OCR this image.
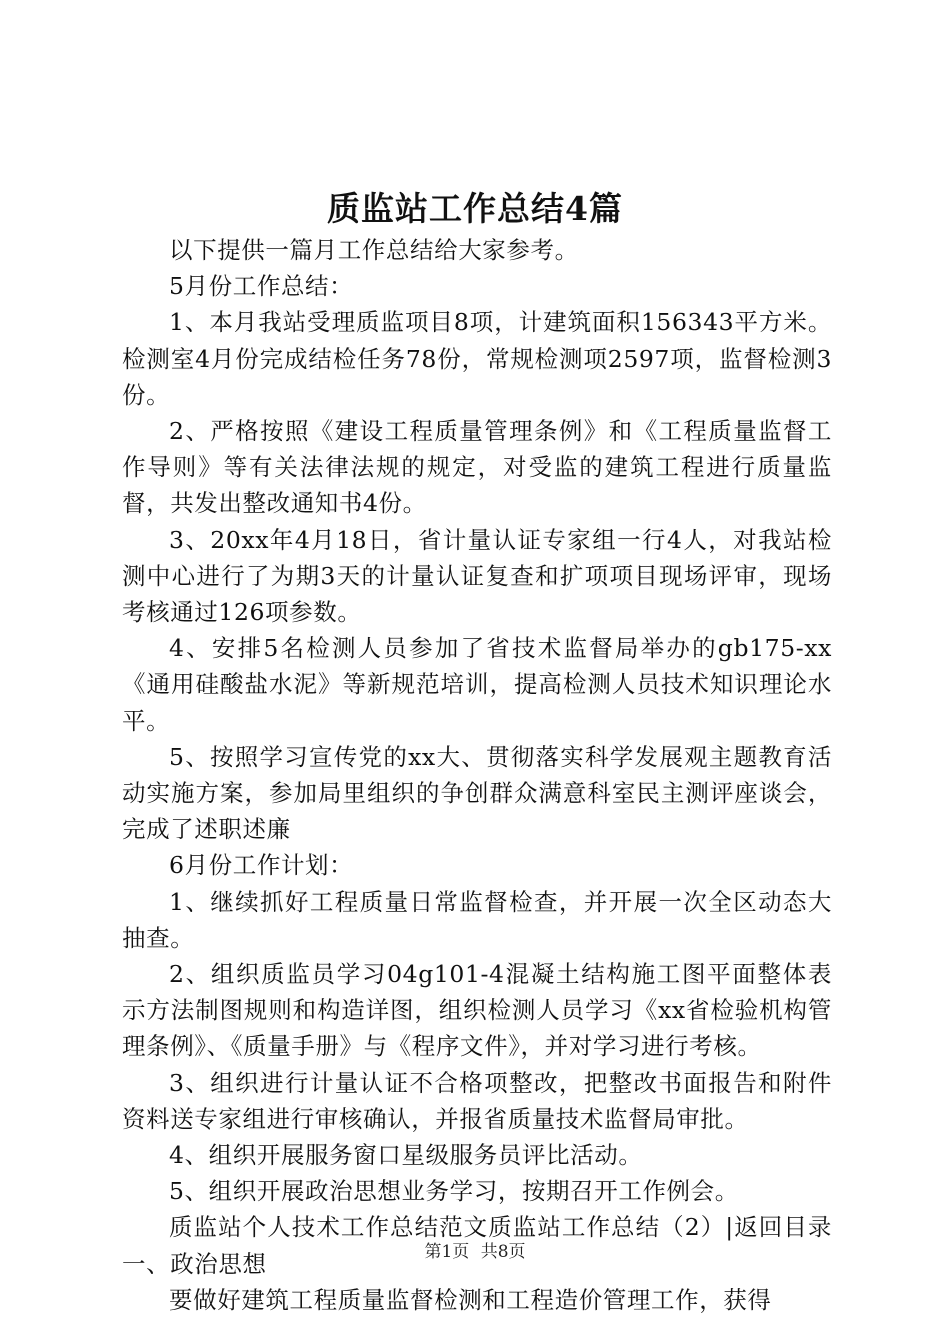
质监站工作总结4篇

以下提供一篇月工作总结给大家参考。

5月份工作总结：

1、本月我站受理质监项目8项，计建筑面积156343平方米。检测室4月份完成结检任务78份，常规检测项2597项，监督检测3份。

2、严格按照《建设工程质量管理条例》和《工程质量监督工作导则》等有关法律法规的规定，对受监的建筑工程进行质量监督，共发出整改通知书4份。

3、20xx年4月18日，省计量认证专家组一行4人，对我站检测中心进行了为期3天的计量认证复查和扩项项目现场评审，现场考核通过126项参数。

4、安排5名检测人员参加了省技术监督局举办的gb175-xx《通用硅酸盐水泥》等新规范培训，提高检测人员技术知识理论水平。

5、按照学习宣传党的xx大、贯彻落实科学发展观主题教育活动实施方案，参加局里组织的争创群众满意科室民主测评座谈会，完成了述职述廉

6月份工作计划：

1、继续抓好工程质量日常监督检查，并开展一次全区动态大抽查。

2、组织质监员学习04g101-4混凝土结构施工图平面整体表示方法制图规则和构造详图，组织检测人员学习《xx省检验机构管理条例》、《质量手册》与《程序文件》，并对学习进行考核。

3、组织进行计量认证不合格项整改，把整改书面报告和附件资料送专家组进行审核确认，并报省质量技术监督局审批。

4、组织开展服务窗口星级服务员评比活动。

5、组织开展政治思想业务学习，按期召开工作例会。

质监站个人技术工作总结范文质监站工作总结（2）|返回目录一、政治思想

要做好建筑工程质量监督检测和工程造价管理工作，获得

第1页 共8页
